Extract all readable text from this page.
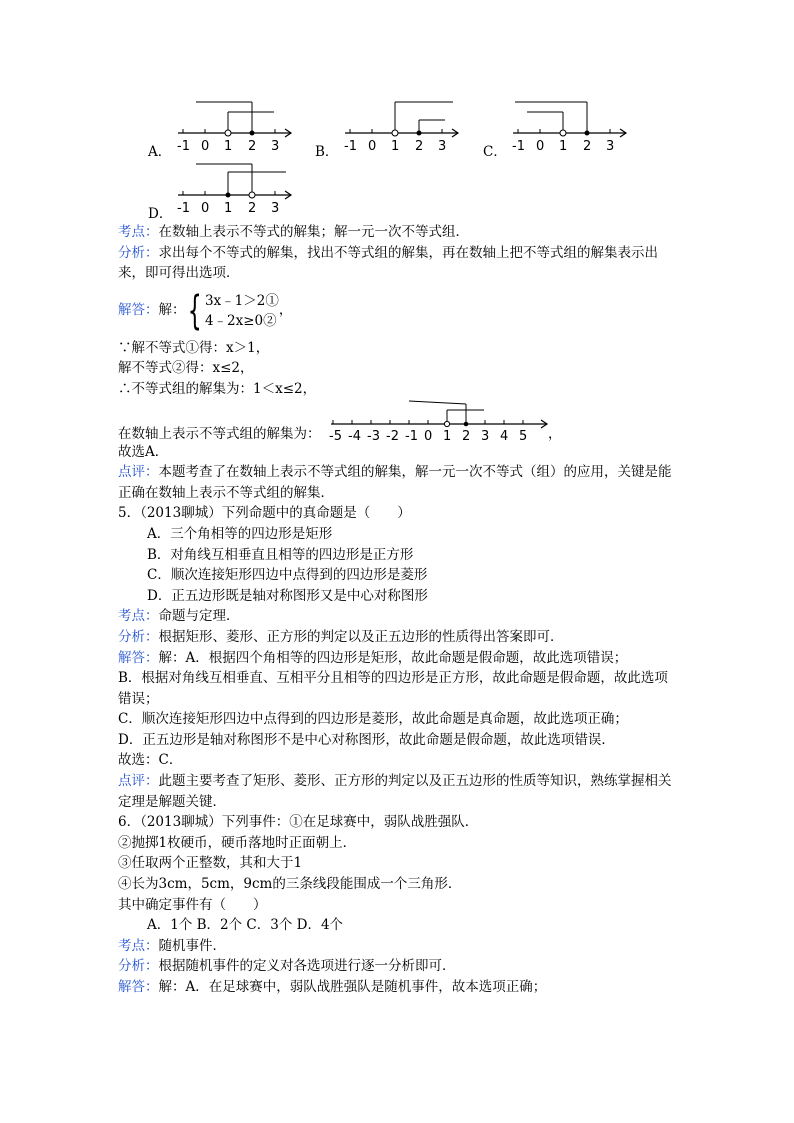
A． -1 0 1 2 3	B． -1 0 1 2 3	C． -1 0 1 2 3
D． -1 0 1 2 3
考点：在数轴上表示不等式的解集；解一元一次不等式组．
分析：求出每个不等式的解集，找出不等式组的解集，再在数轴上把不等式组的解集表示出来，即可得出选项．
解答： 解： { 3x﹣1＞2①
4﹣2x≥0②
，
∵解不等式①得：x＞1，
解不等式②得：x≤2，
∴不等式组的解集为：1＜x≤2，
在数轴上表示不等式组的解集为： -5 -4 -3 -2 -1 0 1 2 3 4 5 ，
故选A．
点评：本题考查了在数轴上表示不等式组的解集，解一元一次不等式（组）的应用，关键是能正确在数轴上表示不等式组的解集．
5．（2013聊城）下列命题中的真命题是（　　）
A．三个角相等的四边形是矩形
B．对角线互相垂直且相等的四边形是正方形
C．顺次连接矩形四边中点得到的四边形是菱形
D．正五边形既是轴对称图形又是中心对称图形
考点：命题与定理．
分析：根据矩形、菱形、正方形的判定以及正五边形的性质得出答案即可．
解答：解：A．根据四个角相等的四边形是矩形，故此命题是假命题，故此选项错误；
B．根据对角线互相垂直、互相平分且相等的四边形是正方形，故此命题是假命题，故此选项错误；
C．顺次连接矩形四边中点得到的四边形是菱形，故此命题是真命题，故此选项正确；
D．正五边形是轴对称图形不是中心对称图形，故此命题是假命题，故此选项错误．
故选：C．
点评：此题主要考查了矩形、菱形、正方形的判定以及正五边形的性质等知识，熟练掌握相关定理是解题关键．
6．（2013聊城）下列事件：①在足球赛中，弱队战胜强队．
②抛掷1枚硬币，硬币落地时正面朝上．
③任取两个正整数，其和大于1
④长为3cm，5cm，9cm的三条线段能围成一个三角形．
其中确定事件有（　　）
A．1个 B．2个 C．3个 D．4个
考点：随机事件．
分析：根据随机事件的定义对各选项进行逐一分析即可．
解答：解：A．在足球赛中，弱队战胜强队是随机事件，故本选项正确；
